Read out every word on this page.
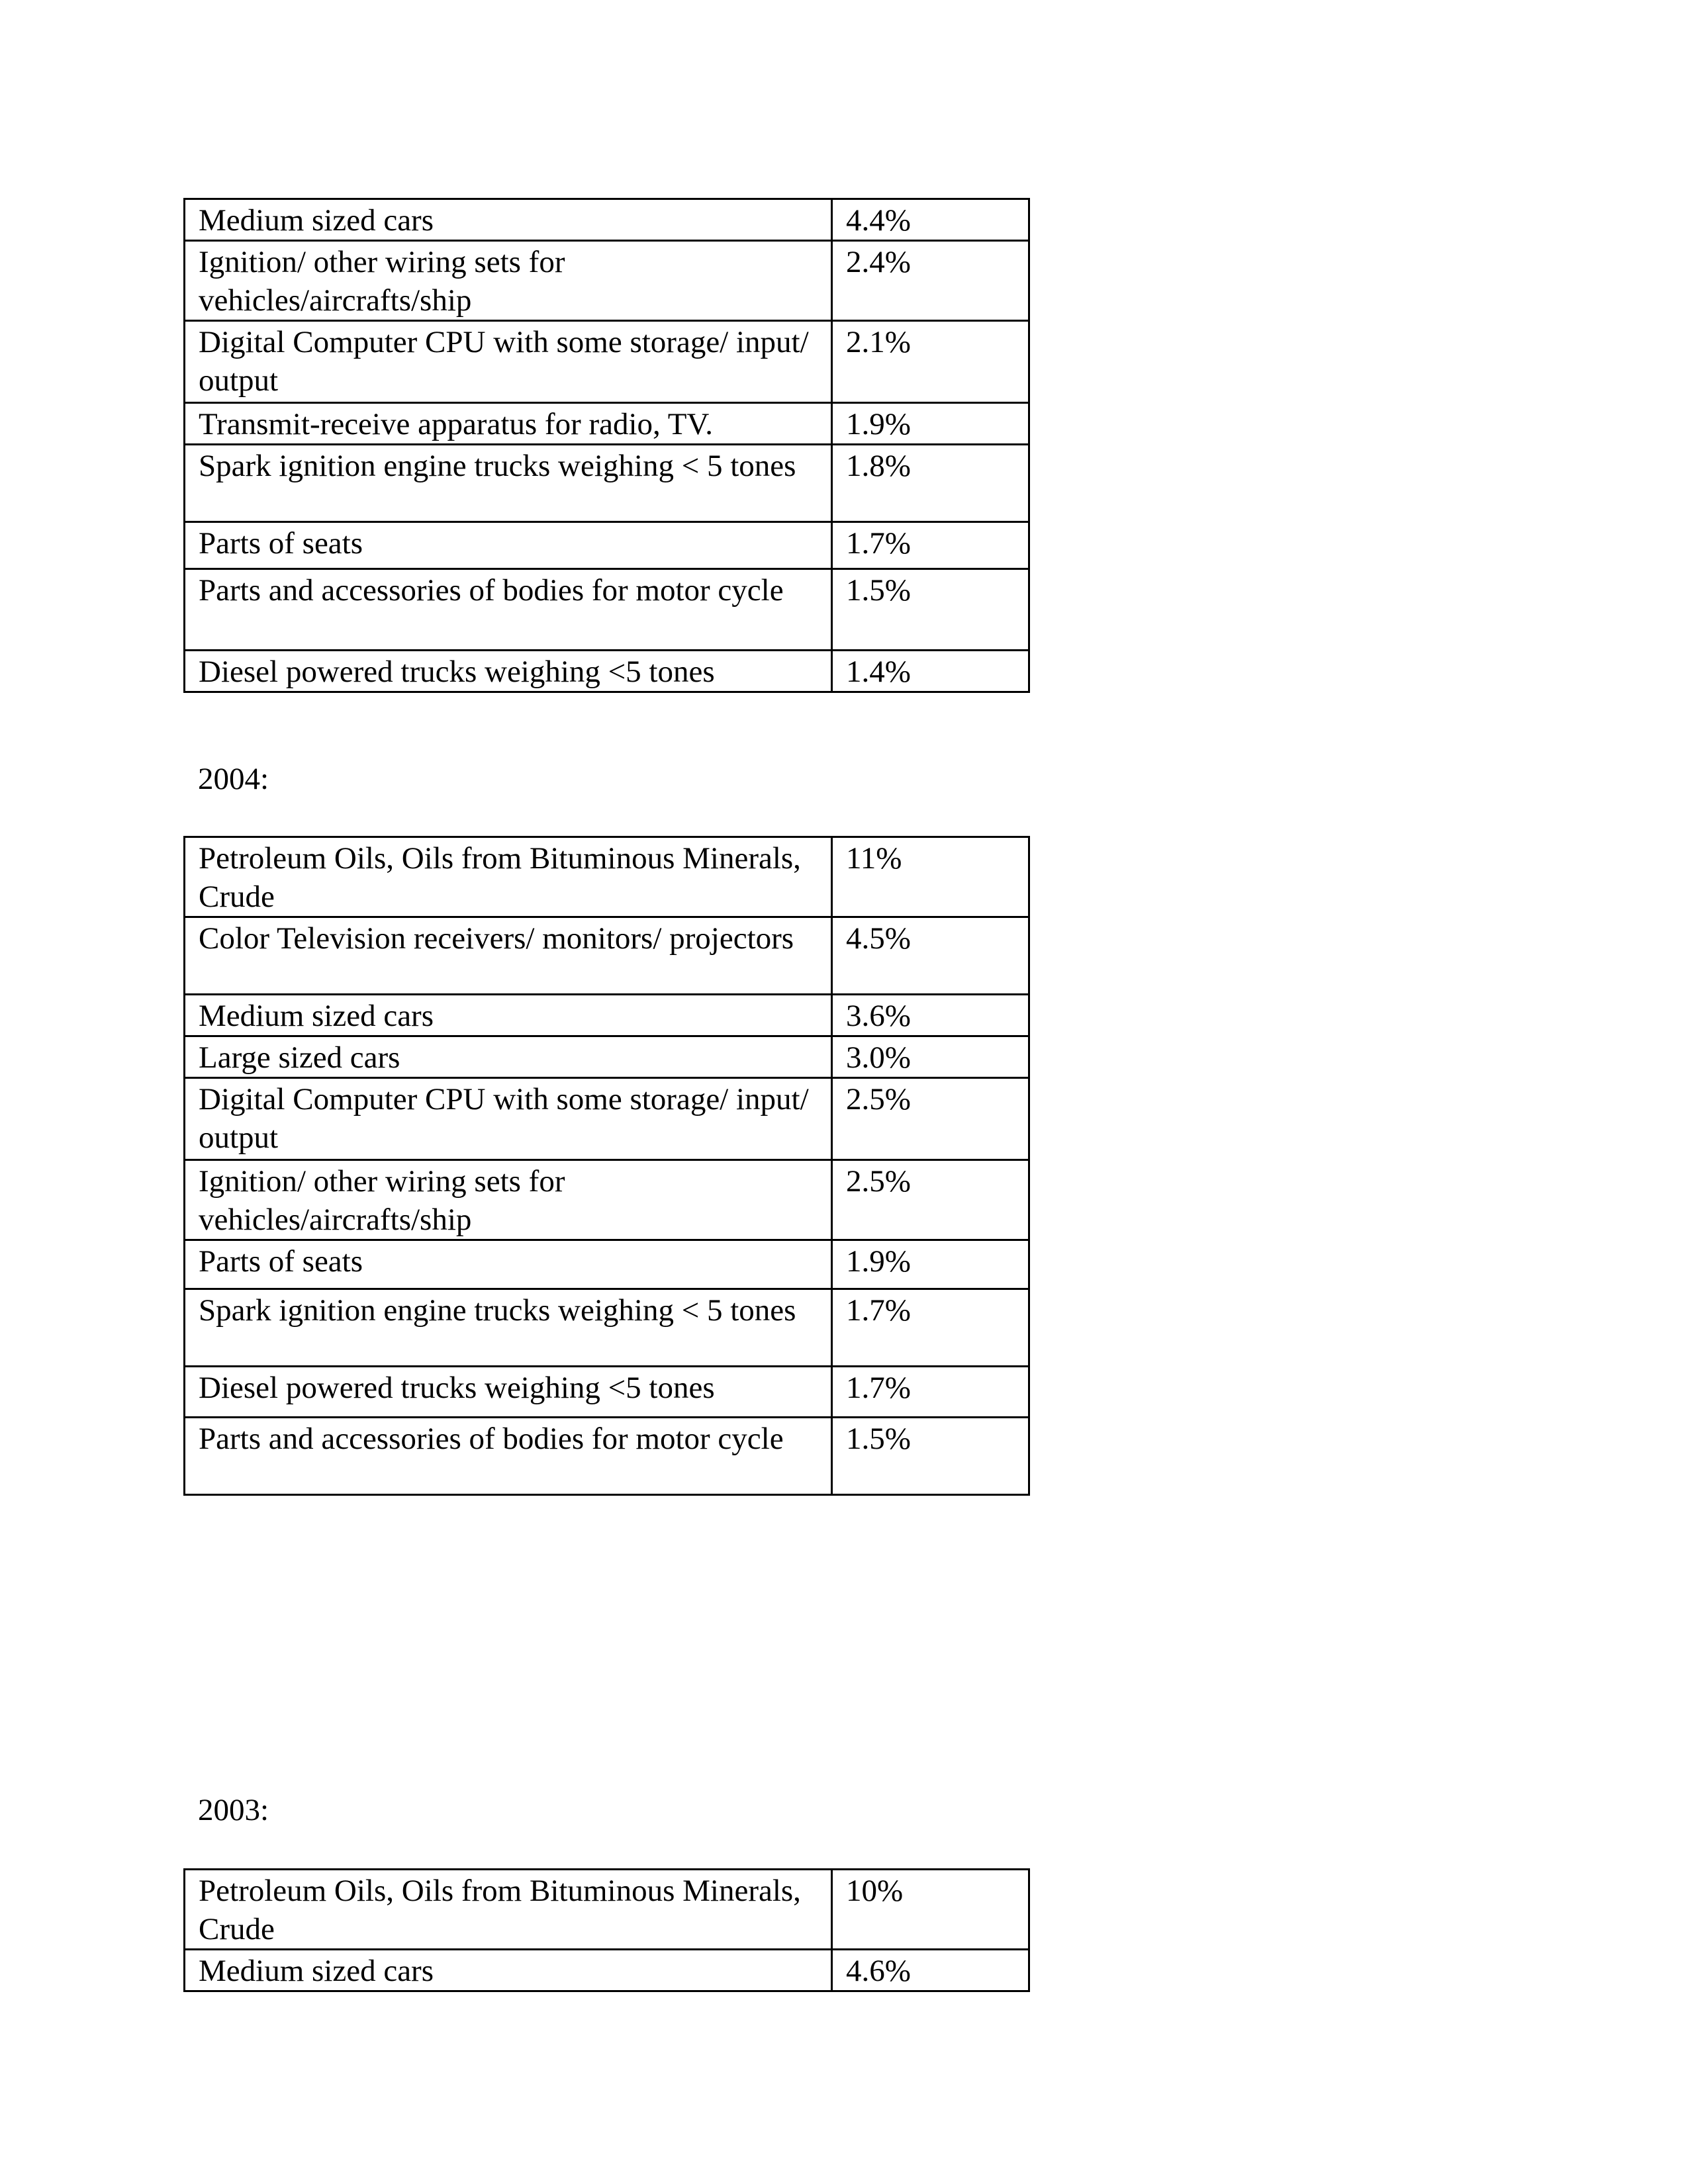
Medium sized cars	4.4%
Ignition/ other wiring sets for vehicles/aircrafts/ship	2.4%
Digital Computer CPU with some storage/ input/ output	2.1%
Transmit-receive apparatus for radio, TV.	1.9%
Spark ignition engine trucks weighing < 5 tones	1.8%
Parts of seats	1.7%
Parts and accessories of bodies for motor cycle	1.5%
Diesel powered trucks weighing <5 tones	1.4%
2004:
Petroleum Oils, Oils from Bituminous Minerals, Crude	11%
Color Television receivers/ monitors/ projectors	4.5%
Medium sized cars	3.6%
Large sized cars	3.0%
Digital Computer CPU with some storage/ input/ output	2.5%
Ignition/ other wiring sets for vehicles/aircrafts/ship	2.5%
Parts of seats	1.9%
Spark ignition engine trucks weighing < 5 tones	1.7%
Diesel powered trucks weighing <5 tones	1.7%
Parts and accessories of bodies for motor cycle	1.5%
2003:
Petroleum Oils, Oils from Bituminous Minerals, Crude	10%
Medium sized cars	4.6%
